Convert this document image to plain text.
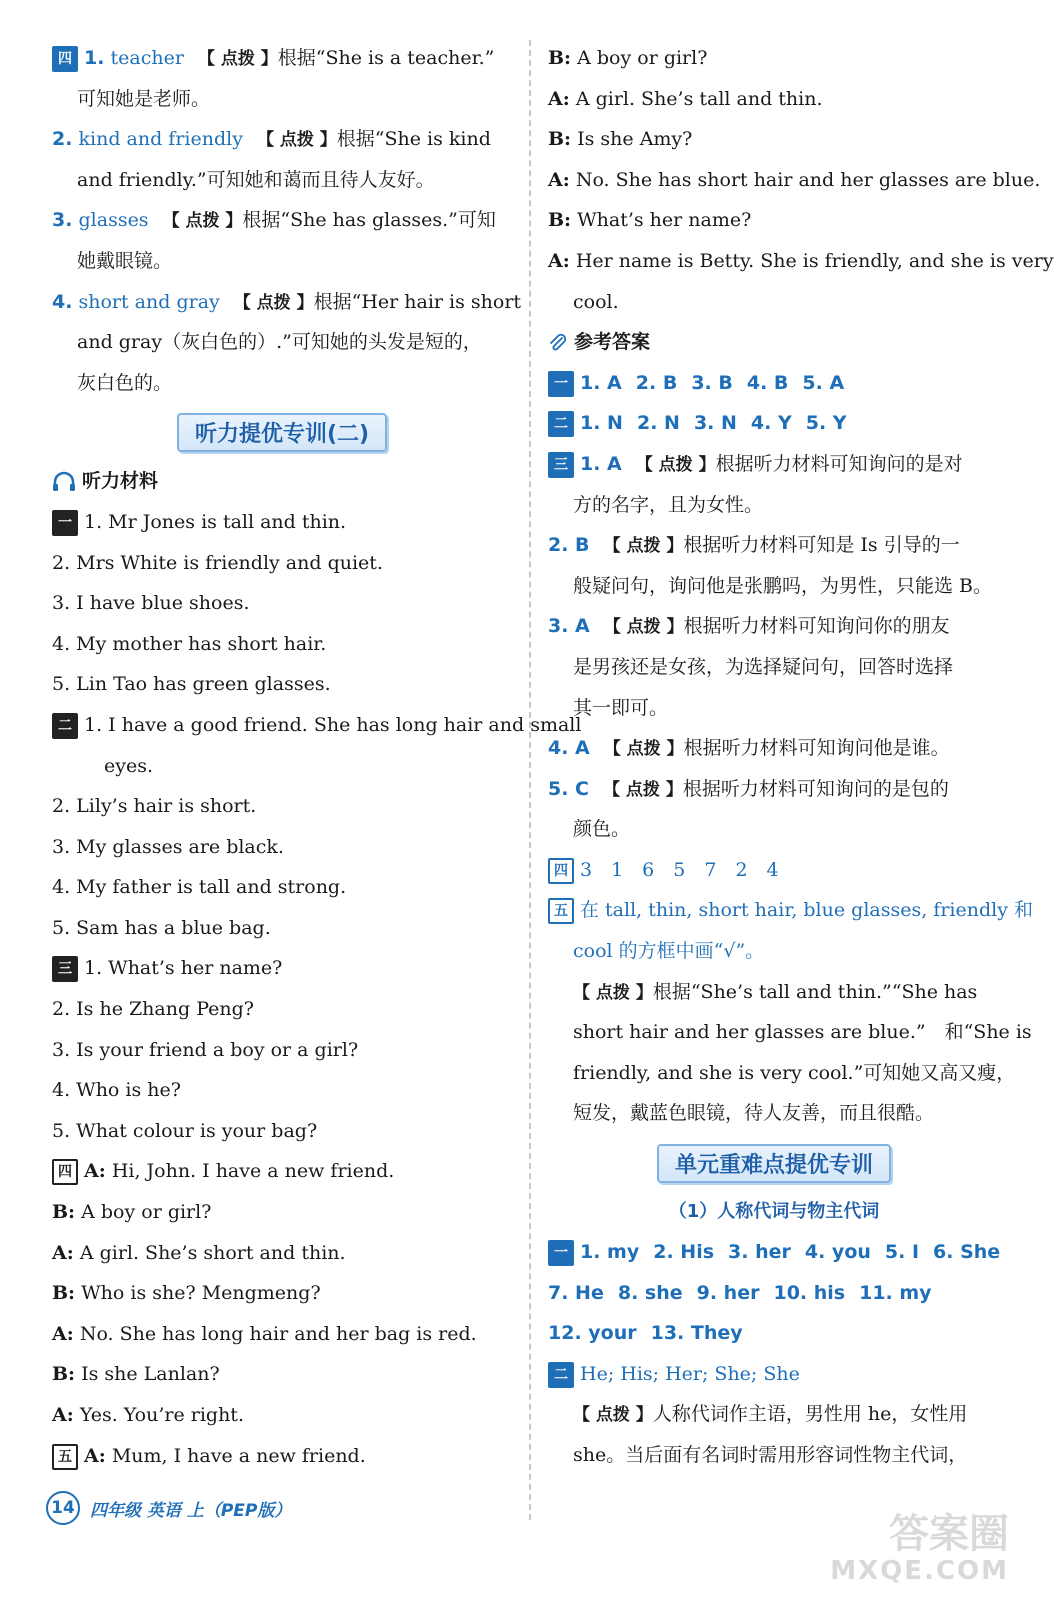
四 1. teacher 【 点拨 】根据“She is a teacher.”
可知她是老师。
2. kind and friendly 【 点拨 】根据“She is kind
and friendly.”可知她和蔼而且待人友好。
3. glasses 【 点拨 】根据“She has glasses.”可知
她戴眼镜。
4. short and gray 【 点拨 】根据“Her hair is short
and gray（灰白色的）.”可知她的头发是短的，
灰白色的。
听力提优专训(二)
听力材料
一 1. Mr Jones is tall and thin.
2. Mrs White is friendly and quiet.
3. I have blue shoes.
4. My mother has short hair.
5. Lin Tao has green glasses.
二 1. I have a good friend. She has long hair and small
eyes.
2. Lily’s hair is short.
3. My glasses are black.
4. My father is tall and strong.
5. Sam has a blue bag.
三 1. What’s her name?
2. Is he Zhang Peng?
3. Is your friend a boy or a girl?
4. Who is he?
5. What colour is your bag?
四 A: Hi, John. I have a new friend.
B: A boy or girl?
A: A girl. She’s short and thin.
B: Who is she? Mengmeng?
A: No. She has long hair and her bag is red.
B: Is she Lanlan?
A: Yes. You’re right.
五 A: Mum, I have a new friend.
B: A boy or girl?
A: A girl. She’s tall and thin.
B: Is she Amy?
A: No. She has short hair and her glasses are blue.
B: What’s her name?
A: Her name is Betty. She is friendly, and she is very
cool.
参考答案
一 1. A 2. B 3. B 4. B 5. A
二 1. N 2. N 3. N 4. Y 5. Y
三 1. A 【 点拨 】根据听力材料可知询问的是对
方的名字，且为女性。
2. B 【 点拨 】根据听力材料可知是 Is 引导的一
般疑问句，询问他是张鹏吗，为男性，只能选 B。
3. A 【 点拨 】根据听力材料可知询问你的朋友
是男孩还是女孩，为选择疑问句，回答时选择
其一即可。
4. A 【 点拨 】根据听力材料可知询问他是谁。
5. C 【 点拨 】根据听力材料可知询问的是包的
颜色。
四 3　1　6　5　7　2　4
五 在 tall, thin, short hair, blue glasses, friendly 和
cool 的方框中画“√”。
【 点拨 】根据“She’s tall and thin.”“She has
short hair and her glasses are blue.”　和“She is
friendly, and she is very cool.”可知她又高又瘦，
短发，戴蓝色眼镜，待人友善，而且很酷。
单元重难点提优专训
（1）人称代词与物主代词
一 1. my 2. His 3. her 4. you 5. I 6. She
7. He 8. she 9. her 10. his 11. my
12. your 13. They
二 He; His; Her; She; She
【 点拨 】人称代词作主语，男性用 he，女性用
she。当后面有名词时需用形容词性物主代词，
14 四年级 英语 上（PEP版）
答案圈
MXQE.COM
